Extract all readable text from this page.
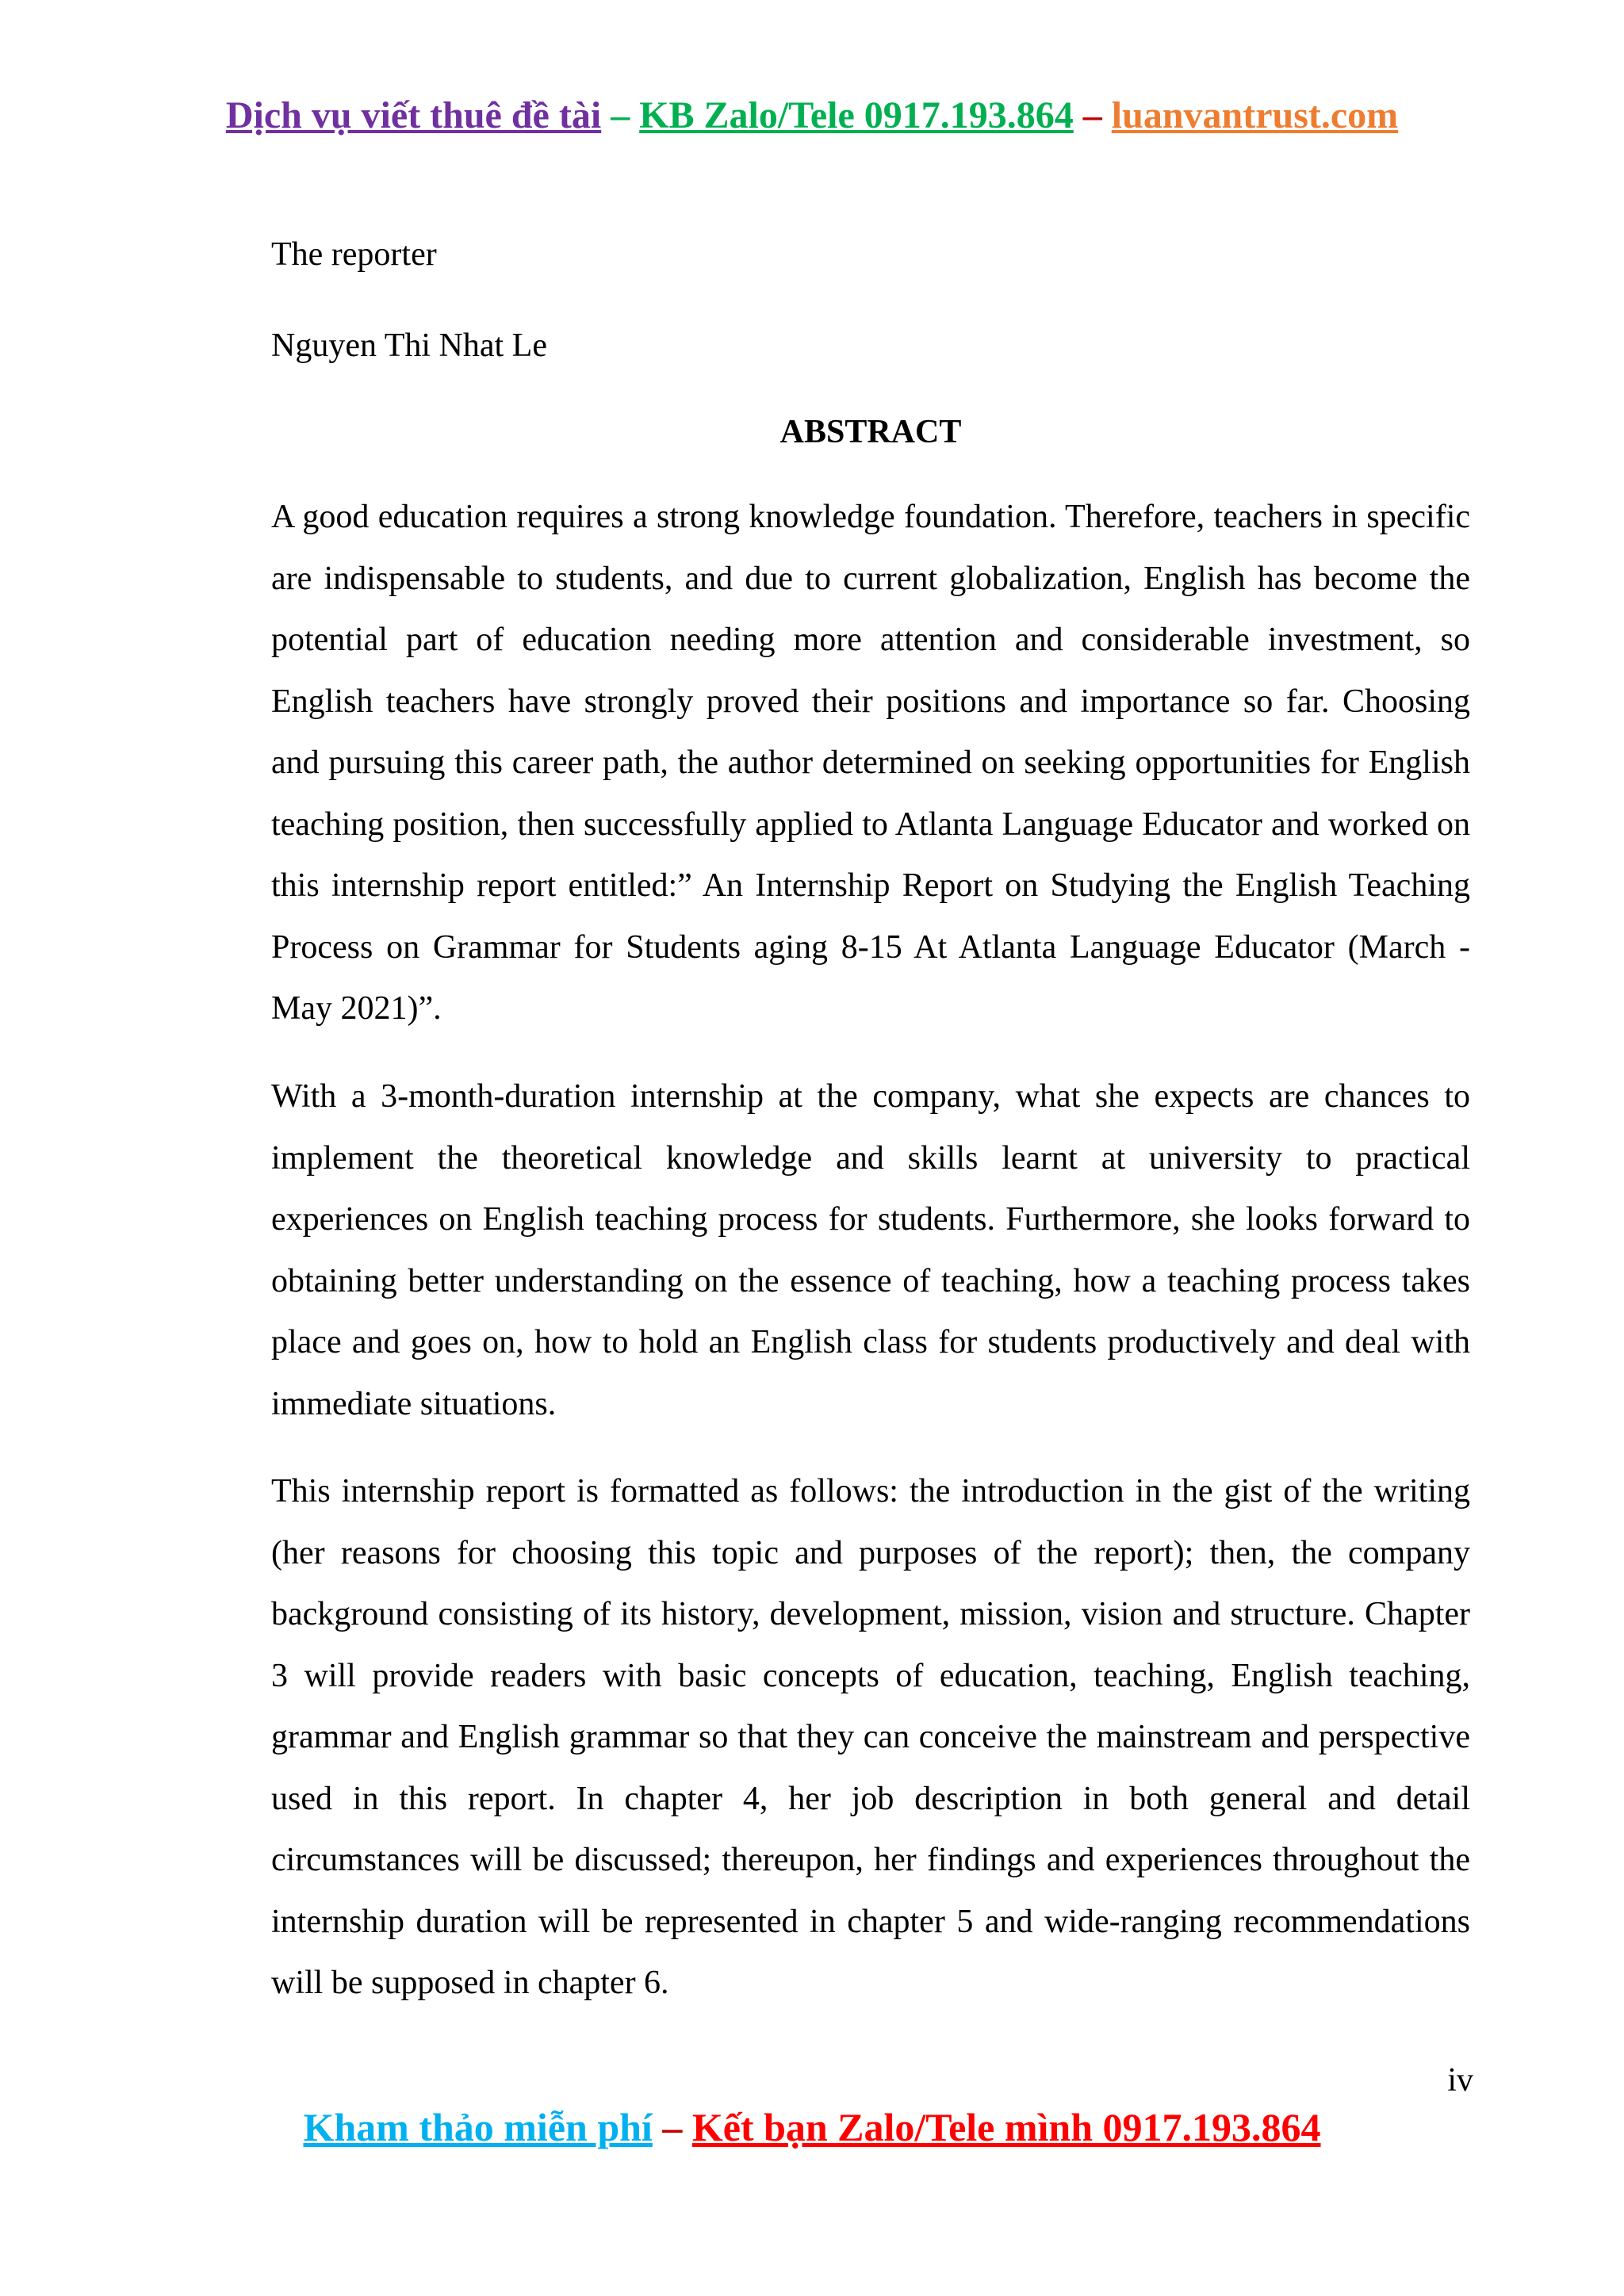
Dịch vụ viết thuê đề tài – KB Zalo/Tele 0917.193.864 – luanvantrust.com

The reporter

Nguyen Thi Nhat Le

ABSTRACT

A good education requires a strong knowledge foundation. Therefore, teachers in specific are indispensable to students, and due to current globalization, English has become the potential part of education needing more attention and considerable investment, so English teachers have strongly proved their positions and importance so far. Choosing and pursuing this career path, the author determined on seeking opportunities for English teaching position, then successfully applied to Atlanta Language Educator and worked on this internship report entitled:” An Internship Report on Studying the English Teaching Process on Grammar for Students aging 8-15 At Atlanta Language Educator (March - May 2021)”.

With a 3-month-duration internship at the company, what she expects are chances to implement the theoretical knowledge and skills learnt at university to practical experiences on English teaching process for students. Furthermore, she looks forward to obtaining better understanding on the essence of teaching, how a teaching process takes place and goes on, how to hold an English class for students productively and deal with immediate situations.

This internship report is formatted as follows: the introduction in the gist of the writing (her reasons for choosing this topic and purposes of the report); then, the company background consisting of its history, development, mission, vision and structure. Chapter 3 will provide readers with basic concepts of education, teaching, English teaching, grammar and English grammar so that they can conceive the mainstream and perspective used in this report. In chapter 4, her job description in both general and detail circumstances will be discussed; thereupon, her findings and experiences throughout the internship duration will be represented in chapter 5 and wide-ranging recommendations will be supposed in chapter 6.

iv
Kham thảo miễn phí – Kết bạn Zalo/Tele mình 0917.193.864
